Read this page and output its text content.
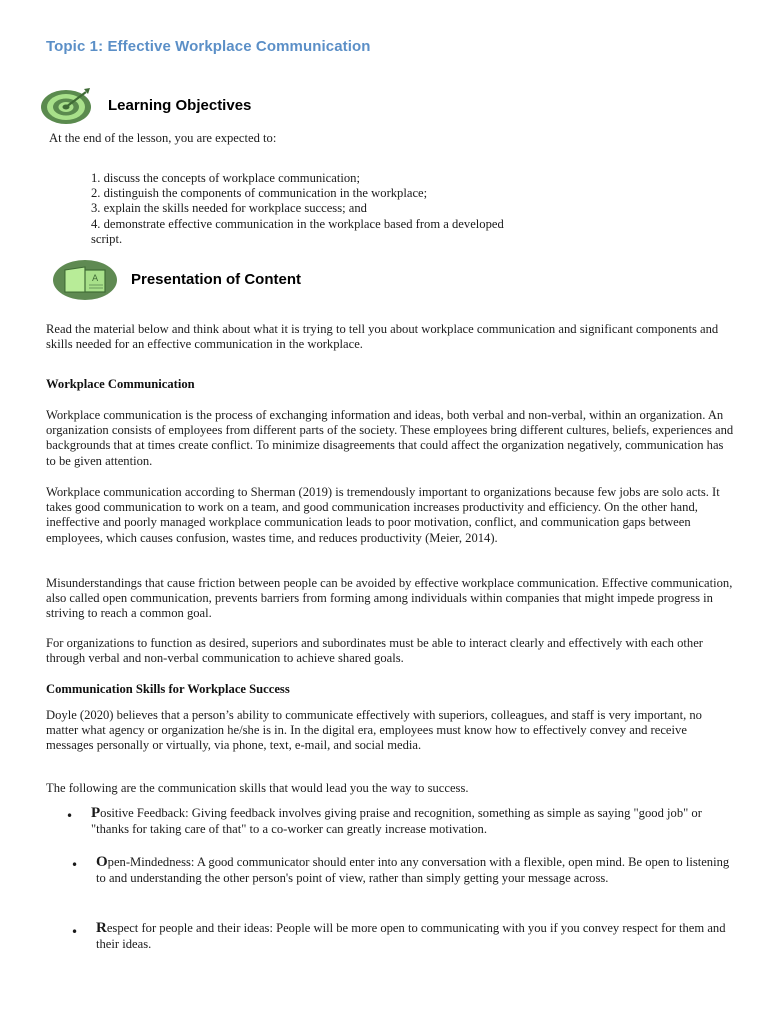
Topic 1: Effective Workplace Communication
Learning Objectives
At the end of the lesson, you are expected to:
1. discuss the concepts of workplace communication;
2. distinguish the components of communication in the workplace;
3. explain the skills needed for workplace success; and
4. demonstrate effective communication in the workplace based from a developed script.
A Presentation of Content
Read the material below and think about what it is trying to tell you about workplace communication and significant components and skills needed for an effective communication in the workplace.
Workplace Communication
Workplace communication is the process of exchanging information and ideas, both verbal and non-verbal, within an organization. An organization consists of employees from different parts of the society. These employees bring different cultures, beliefs, experiences and backgrounds that at times create conflict. To minimize disagreements that could affect the organization negatively, communication has to be given attention.
Workplace communication according to Sherman (2019) is tremendously important to organizations because few jobs are solo acts. It takes good communication to work on a team, and good communication increases productivity and efficiency. On the other hand, ineffective and poorly managed workplace communication leads to poor motivation, conflict, and communication gaps between employees, which causes confusion, wastes time, and reduces productivity (Meier, 2014).
Misunderstandings that cause friction between people can be avoided by effective workplace communication. Effective communication, also called open communication, prevents barriers from forming among individuals within companies that might impede progress in striving to reach a common goal.
For organizations to function as desired, superiors and subordinates must be able to interact clearly and effectively with each other through verbal and non-verbal communication to achieve shared goals.
Communication Skills for Workplace Success
Doyle (2020) believes that a person’s ability to communicate effectively with superiors, colleagues, and staff is very important, no matter what agency or organization he/she is in. In the digital era, employees must know how to effectively convey and receive messages personally or virtually, via phone, text, e-mail, and social media.
The following are the communication skills that would lead you the way to success.
• Positive Feedback: Giving feedback involves giving praise and recognition, something as simple as saying "good job" or "thanks for taking care of that" to a co-worker can greatly increase motivation.
• Open-Mindedness: A good communicator should enter into any conversation with a flexible, open mind. Be open to listening to and understanding the other person's point of view, rather than simply getting your message across.
• Respect for people and their ideas: People will be more open to communicating with you if you convey respect for them and their ideas.
